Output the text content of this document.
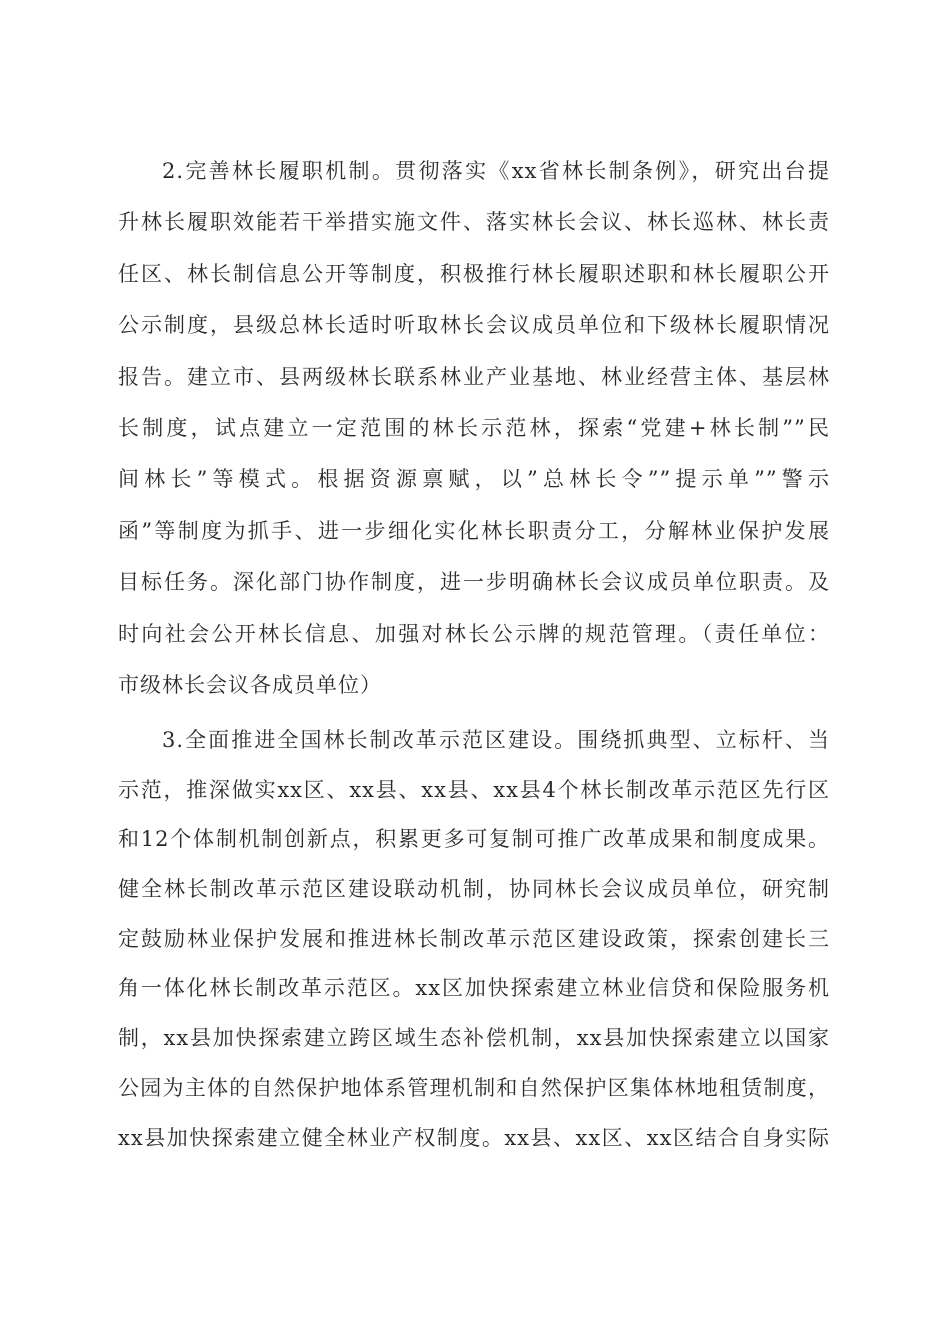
2.完善林长履职机制。贯彻落实《xx省林长制条例》，研究出台提
升林长履职效能若干举措实施文件、落实林长会议、林长巡林、林长责
任区、林长制信息公开等制度，积极推行林长履职述职和林长履职公开
公示制度，县级总林长适时听取林长会议成员单位和下级林长履职情况
报告。建立市、县两级林长联系林业产业基地、林业经营主体、基层林
长制度，试点建立一定范围的林长示范林，探索“党建+林长制””民
间林长”等模式。根据资源禀赋，以”总林长令””提示单””警示
函”等制度为抓手、进一步细化实化林长职责分工，分解林业保护发展
目标任务。深化部门协作制度，进一步明确林长会议成员单位职责。及
时向社会公开林长信息、加强对林长公示牌的规范管理。（责任单位：
市级林长会议各成员单位）
3.全面推进全国林长制改革示范区建设。围绕抓典型、立标杆、当
示范，推深做实xx区、xx县、xx县、xx县4个林长制改革示范区先行区
和12个体制机制创新点，积累更多可复制可推广改革成果和制度成果。
健全林长制改革示范区建设联动机制，协同林长会议成员单位，研究制
定鼓励林业保护发展和推进林长制改革示范区建设政策，探索创建长三
角一体化林长制改革示范区。xx区加快探索建立林业信贷和保险服务机
制，xx县加快探索建立跨区域生态补偿机制，xx县加快探索建立以国家
公园为主体的自然保护地体系管理机制和自然保护区集体林地租赁制度，
xx县加快探索建立健全林业产权制度。xx县、xx区、xx区结合自身实际
